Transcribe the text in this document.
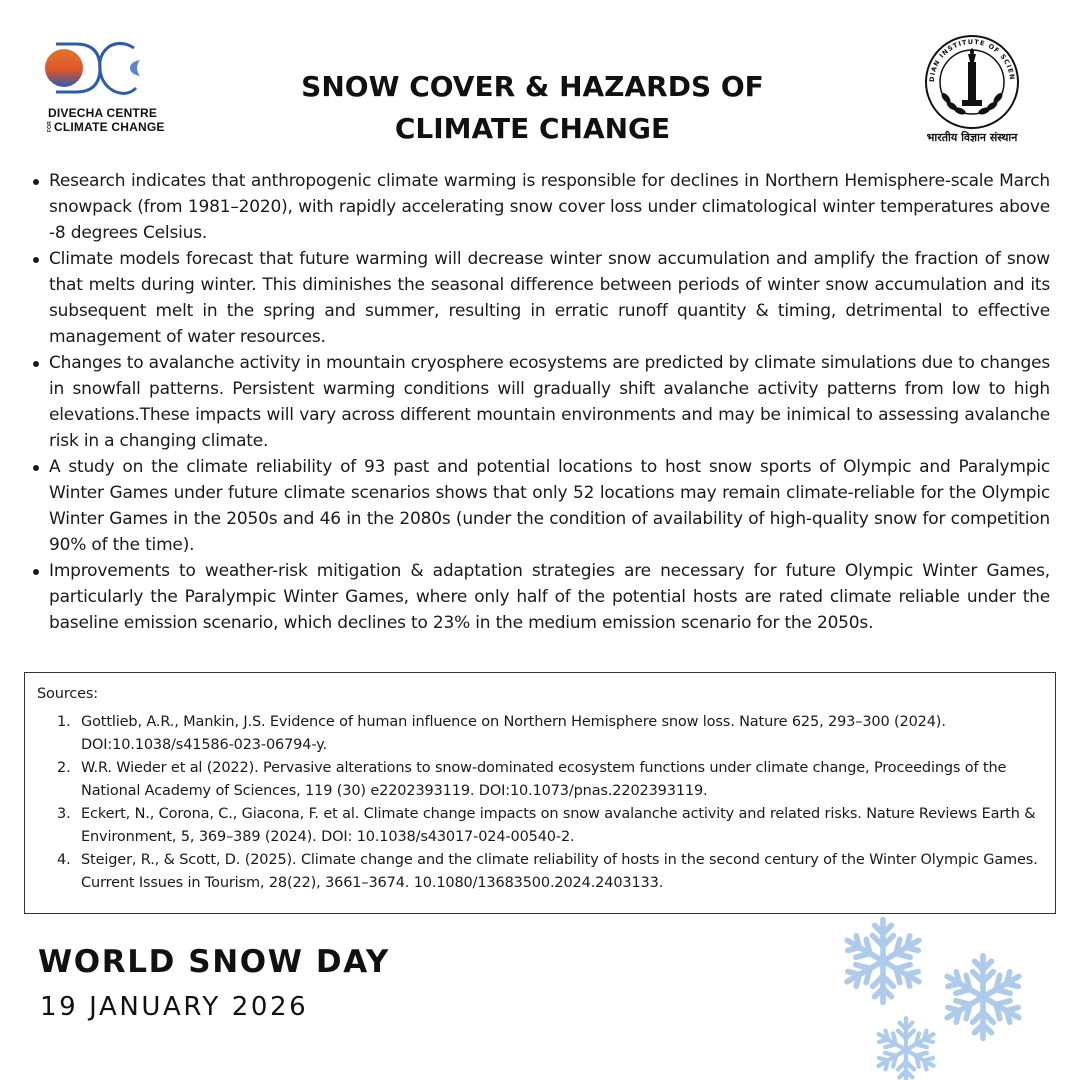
DIVECHA CENTRE
FOR CLIMATE CHANGE
SNOW COVER & HAZARDS OF
CLIMATE CHANGE
DIAN INSTITUTE OF SCIEN
भारतीय विज्ञान संस्थान
Research indicates that anthropogenic climate warming is responsible for declines in Northern Hemisphere-scale March snowpack (from 1981–2020), with rapidly accelerating snow cover loss under climatological winter temperatures above -8 degrees Celsius.
Climate models forecast that future warming will decrease winter snow accumulation and amplify the fraction of snow that melts during winter. This diminishes the seasonal difference between periods of winter snow accumulation and its subsequent melt in the spring and summer, resulting in erratic runoff quantity & timing, detrimental to effective management of water resources.
Changes to avalanche activity in mountain cryosphere ecosystems are predicted by climate simulations due to changes in snowfall patterns. Persistent warming conditions will gradually shift avalanche activity patterns from low to high elevations.These impacts will vary across different mountain environments and may be inimical to assessing avalanche risk in a changing climate.
A study on the climate reliability of 93 past and potential locations to host snow sports of Olympic and Paralympic Winter Games under future climate scenarios shows that only 52 locations may remain climate-reliable for the Olympic Winter Games in the 2050s and 46 in the 2080s (under the condition of availability of high-quality snow for competition 90% of the time).
Improvements to weather-risk mitigation & adaptation strategies are necessary for future Olympic Winter Games, particularly the Paralympic Winter Games, where only half of the potential hosts are rated climate reliable under the baseline emission scenario, which declines to 23% in the medium emission scenario for the 2050s.
Sources:
1. Gottlieb, A.R., Mankin, J.S. Evidence of human influence on Northern Hemisphere snow loss. Nature 625, 293–300 (2024). DOI:10.1038/s41586-023-06794-y.
2. W.R. Wieder et al (2022). Pervasive alterations to snow-dominated ecosystem functions under climate change, Proceedings of the National Academy of Sciences, 119 (30) e2202393119. DOI:10.1073/pnas.2202393119.
3. Eckert, N., Corona, C., Giacona, F. et al. Climate change impacts on snow avalanche activity and related risks. Nature Reviews Earth & Environment, 5, 369–389 (2024). DOI: 10.1038/s43017-024-00540-2.
4. Steiger, R., & Scott, D. (2025). Climate change and the climate reliability of hosts in the second century of the Winter Olympic Games. Current Issues in Tourism, 28(22), 3661–3674. 10.1080/13683500.2024.2403133.
WORLD SNOW DAY
19 JANUARY 2026
